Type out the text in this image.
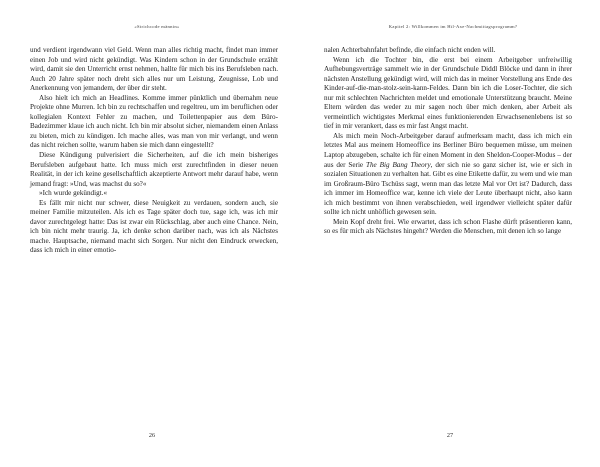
«Strichcode männin»

und verdient irgendwann viel Geld. Wenn man alles richtig macht, findet man immer einen Job und wird nicht gekündigt. Was Kindern schon in der Grundschule erzählt wird, damit sie den Unterricht ernst nehmen, hallte für mich bis ins Berufsleben nach. Auch 20 Jahre später noch dreht sich alles nur um Leistung, Zeugnisse, Lob und Anerkennung von jemandem, der über dir steht.

Also hielt ich mich an Headlines. Komme immer pünktlich und übernahm neue Projekte ohne Murren. Ich bin zu rechtschaffen und regeltreu, um im beruflichen oder kollegialen Kontext Fehler zu machen, und Toilettenpapier aus dem Büro-Badezimmer klaue ich auch nicht. Ich bin mir absolut sicher, niemandem einen Anlass zu bieten, mich zu kündigen. Ich mache alles, was man von mir verlangt, und wenn das nicht reichen sollte, warum haben sie mich dann eingestellt?

Diese Kündigung pulverisiert die Sicherheiten, auf die ich mein bisheriges Berufsleben aufgebaut hatte. Ich muss mich erst zurechtfinden in dieser neuen Realität, in der ich keine gesellschaftlich akzeptierte Antwort mehr darauf habe, wenn jemand fragt: »Und, was machst du so?«

»Ich wurde gekündigt.«

Es fällt mir nicht nur schwer, diese Neuigkeit zu verdauen, sondern auch, sie meiner Familie mitzuteilen. Als ich es Tage später doch tue, sage ich, was ich mir davor zurechtgelegt hatte: Das ist zwar ein Rückschlag, aber auch eine Chance. Nein, ich bin nicht mehr traurig. Ja, ich denke schon darüber nach, was ich als Nächstes mache. Hauptsache, niemand macht sich Sorgen. Nur nicht den Eindruck erwecken, dass ich mich in einer emotio-

26
Kapitel 2: Willkommen im Hil-Axe-Nachmittagsprogramm?

nalen Achterbahnfahrt befinde, die einfach nicht enden will.

Wenn ich die Tochter bin, die erst bei einem Arbeitgeber unfreiwillig Aufhebungsverträge sammelt wie in der Grundschule Diddl Blöcke und dann in ihrer nächsten Anstellung gekündigt wird, will mich das in meiner Vorstellung ans Ende des Kinder-auf-die-man-stolz-sein-kann-Feldes. Dann bin ich die Loser-Tochter, die sich nur mit schlechten Nachrichten meldet und emotionale Unterstützung braucht. Meine Eltern würden das weder zu mir sagen noch über mich denken, aber Arbeit als vermeintlich wichtigstes Merkmal eines funktionierenden Erwachsenenlebens ist so tief in mir verankert, dass es mir fast Angst macht.

Als mich mein Noch-Arbeitgeber darauf aufmerksam macht, dass ich mich ein letztes Mal aus meinem Homeoffice ins Berliner Büro bequemen müsse, um meinen Laptop abzugeben, schalte ich für einen Moment in den Sheldon-Cooper-Modus – der aus der Serie The Big Bang Theory, der sich nie so ganz sicher ist, wie er sich in sozialen Situationen zu verhalten hat. Gibt es eine Etikette dafür, zu wem und wie man im Großraum-Büro Tschüss sagt, wenn man das letzte Mal vor Ort ist? Dadurch, dass ich immer im Homeoffice war, kenne ich viele der Leute überhaupt nicht, also kann ich mich bestimmt von ihnen verabschieden, weil irgendwer vielleicht später dafür sollte ich nicht unhöflich gewesen sein.

Mein Kopf dreht frei. Wie erwartet, dass ich schon Flashe dürft präsentieren kann, so es für mich als Nächstes hingeht? Werden die Menschen, mit denen ich so lange

27
